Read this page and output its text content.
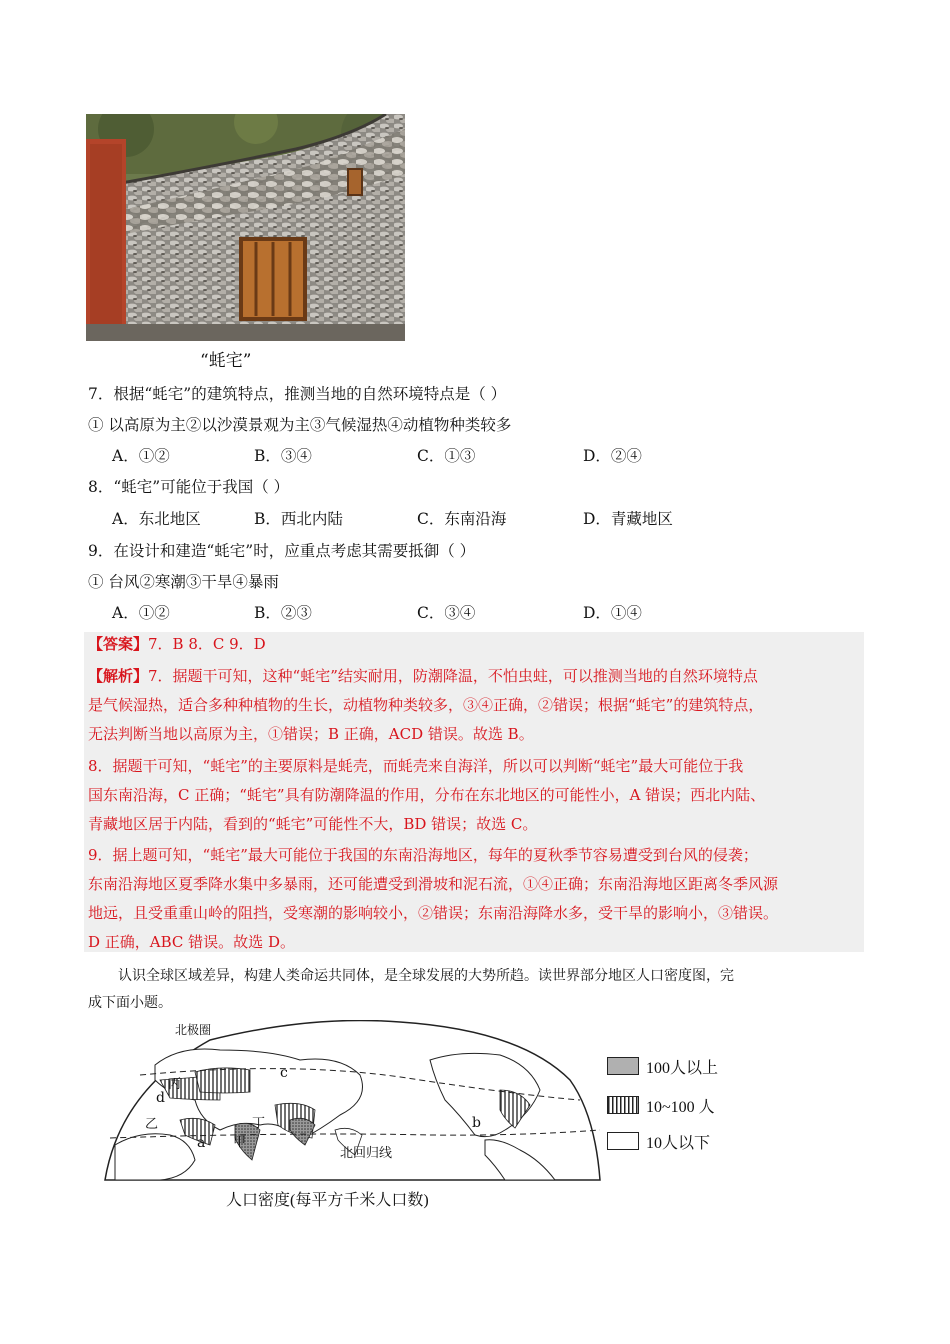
“蚝宅”
7．根据“蚝宅”的建筑特点，推测当地的自然环境特点是（ ）
① 以高原为主②以沙漠景观为主③气候湿热④动植物种类较多
A．①②	B．③④	C．①③	D．②④
8．“蚝宅”可能位于我国（ ）
A．东北地区	B．西北内陆	C．东南沿海	D．青藏地区
9．在设计和建造“蚝宅”时，应重点考虑其需要抵御（ ）
① 台风②寒潮③干旱④暴雨
A．①②	B．②③	C．③④	D．①④
【答案】7．B 8．C 9．D
【解析】7．据题干可知，这种“蚝宅”结实耐用，防潮降温，不怕虫蛀，可以推测当地的自然环境特点
是气候湿热，适合多种种植物的生长，动植物种类较多，③④正确，②错误；根据“蚝宅”的建筑特点，
无法判断当地以高原为主，①错误；B 正确，ACD 错误。故选 B。
8．据题干可知，“蚝宅”的主要原料是蚝壳，而蚝壳来自海洋，所以可以判断“蚝宅”最大可能位于我
国东南沿海，C 正确；“蚝宅”具有防潮降温的作用，分布在东北地区的可能性小，A 错误；西北内陆、
青藏地区居于内陆，看到的“蚝宅”可能性不大，BD 错误；故选 C。
9．据上题可知，“蚝宅”最大可能位于我国的东南沿海地区，每年的夏秋季节容易遭受到台风的侵袭；
东南沿海地区夏季降水集中多暴雨，还可能遭受到滑坡和泥石流，①④正确；东南沿海地区距离冬季风源
地远，且受重重山岭的阻挡，受寒潮的影响较小，②错误；东南沿海降水多，受干旱的影响小，③错误。
D 正确，ABC 错误。故选 D。
认识全球区域差异，构建人类命运共同体，是全球发展的大势所趋。读世界部分地区人口密度图，完
成下面小题。
北极圈
北回归线
a
b
c
d
甲
乙
丙
丁
100人以上
10~100 人
10人以下
人口密度(每平方千米人口数)
